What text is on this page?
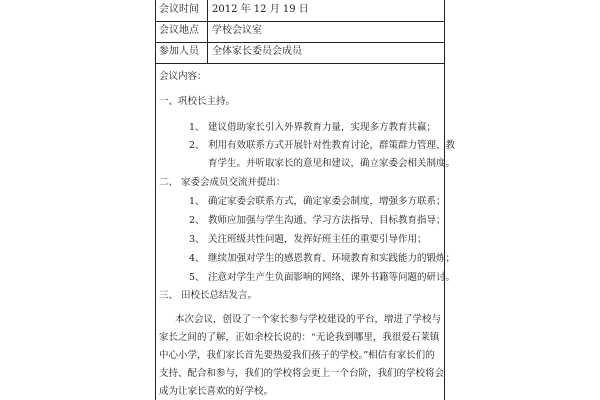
会议时间 2012 年 12 月 19 日
会议地点 学校会议室
参加人员 全体家长委员会成员
会议内容：
一、巩校长主持。
1、 建议借助家长引入外界教育力量，实现多方教育共赢；
2、 利用有效联系方式开展针对性教育讨论，群策群力管理、教
育学生。并听取家长的意见和建议，确立家委会相关制度。
二、 家委会成员交流并提出：
1、 确定家委会联系方式，确定家委会制度，增强多方联系；
2、 教师应加强与学生沟通、学习方法指导、目标教育指导；
3、 关注班级共性问题，发挥好班主任的重要引导作用；
4、 继续加强对学生的感恩教育、环境教育和实践能力的锻炼；
5、 注意对学生产生负面影响的网络、课外书籍等问题的研讨。
三、 田校长总结发言。
本次会议，创设了一个家长参与学校建设的平台，增进了学校与
家长之间的了解，正如余校长说的：“无论我到哪里，我很爱石莱镇
中心小学，我们家长首先要热爱我们孩子的学校。”相信有家长们的
支持、配合和参与，我们的学校将会更上一个台阶，我们的学校将会
成为让家长喜欢的好学校。
